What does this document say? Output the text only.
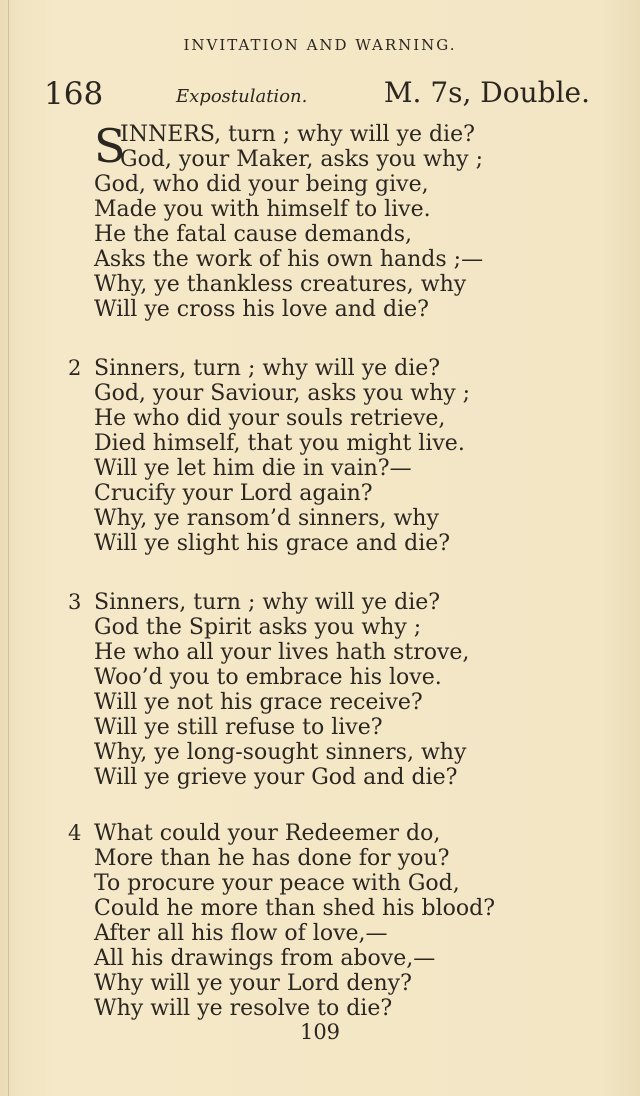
INVITATION AND WARNING.
168	Expostulation.	M. 7s, Double.
S
INNERS, turn ; why will ye die?
God, your Maker, asks you why ;
God, who did your being give,
Made you with himself to live.
He the fatal cause demands,
Asks the work of his own hands ;—
Why, ye thankless creatures, why
Will ye cross his love and die?
2 Sinners, turn ; why will ye die?
God, your Saviour, asks you why ;
He who did your souls retrieve,
Died himself, that you might live.
Will ye let him die in vain?—
Crucify your Lord again?
Why, ye ransom’d sinners, why
Will ye slight his grace and die?
3 Sinners, turn ; why will ye die?
God the Spirit asks you why ;
He who all your lives hath strove,
Woo’d you to embrace his love.
Will ye not his grace receive?
Will ye still refuse to live?
Why, ye long-sought sinners, why
Will ye grieve your God and die?
4 What could your Redeemer do,
More than he has done for you?
To procure your peace with God,
Could he more than shed his blood?
After all his flow of love,—
All his drawings from above,—
Why will ye your Lord deny?
Why will ye resolve to die?
109
